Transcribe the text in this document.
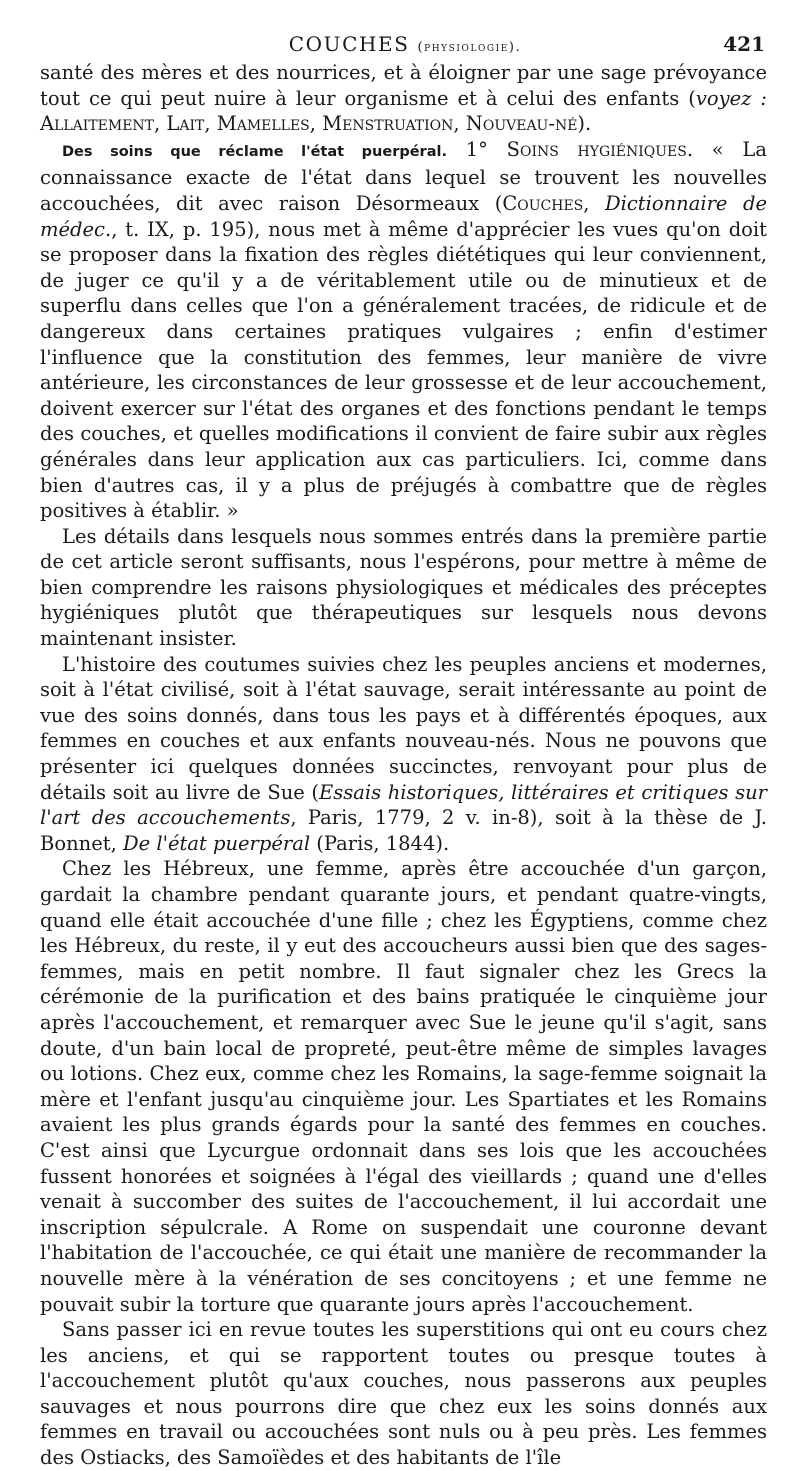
COUCHES (physiologie).	421

santé des mères et des nourrices, et à éloigner par une sage prévoyance tout ce qui peut nuire à leur organisme et à celui des enfants (voyez : Allaitement, Lait, Mamelles, Menstruation, Nouveau-né).

Des soins que réclame l'état puerpéral. 1° Soins hygiéniques. « La connaissance exacte de l'état dans lequel se trouvent les nouvelles accouchées, dit avec raison Désormeaux (Couches, Dictionnaire de médec., t. IX, p. 195), nous met à même d'apprécier les vues qu'on doit se proposer dans la fixation des règles diététiques qui leur conviennent, de juger ce qu'il y a de véritablement utile ou de minutieux et de superflu dans celles que l'on a généralement tracées, de ridicule et de dangereux dans certaines pratiques vulgaires ; enfin d'estimer l'influence que la constitution des femmes, leur manière de vivre antérieure, les circonstances de leur grossesse et de leur accouchement, doivent exercer sur l'état des organes et des fonctions pendant le temps des couches, et quelles modifications il convient de faire subir aux règles générales dans leur application aux cas particuliers. Ici, comme dans bien d'autres cas, il y a plus de préjugés à combattre que de règles positives à établir. »

Les détails dans lesquels nous sommes entrés dans la première partie de cet article seront suffisants, nous l'espérons, pour mettre à même de bien comprendre les raisons physiologiques et médicales des préceptes hygiéniques plutôt que thérapeutiques sur lesquels nous devons maintenant insister.

L'histoire des coutumes suivies chez les peuples anciens et modernes, soit à l'état civilisé, soit à l'état sauvage, serait intéressante au point de vue des soins donnés, dans tous les pays et à différentés époques, aux femmes en couches et aux enfants nouveau-nés. Nous ne pouvons que présenter ici quelques données succinctes, renvoyant pour plus de détails soit au livre de Sue (Essais historiques, littéraires et critiques sur l'art des accouchements, Paris, 1779, 2 v. in-8), soit à la thèse de J. Bonnet, De l'état puerpéral (Paris, 1844).

Chez les Hébreux, une femme, après être accouchée d'un garçon, gardait la chambre pendant quarante jours, et pendant quatre-vingts, quand elle était accouchée d'une fille ; chez les Égyptiens, comme chez les Hébreux, du reste, il y eut des accoucheurs aussi bien que des sages-femmes, mais en petit nombre. Il faut signaler chez les Grecs la cérémonie de la purification et des bains pratiquée le cinquième jour après l'accouchement, et remarquer avec Sue le jeune qu'il s'agit, sans doute, d'un bain local de propreté, peut-être même de simples lavages ou lotions. Chez eux, comme chez les Romains, la sage-femme soignait la mère et l'enfant jusqu'au cinquième jour. Les Spartiates et les Romains avaient les plus grands égards pour la santé des femmes en couches. C'est ainsi que Lycurgue ordonnait dans ses lois que les accouchées fussent honorées et soignées à l'égal des vieillards ; quand une d'elles venait à succomber des suites de l'accouchement, il lui accordait une inscription sépulcrale. A Rome on suspendait une couronne devant l'habitation de l'accouchée, ce qui était une manière de recommander la nouvelle mère à la vénération de ses concitoyens ; et une femme ne pouvait subir la torture que quarante jours après l'accouchement.

Sans passer ici en revue toutes les superstitions qui ont eu cours chez les anciens, et qui se rapportent toutes ou presque toutes à l'accouchement plutôt qu'aux couches, nous passerons aux peuples sauvages et nous pourrons dire que chez eux les soins donnés aux femmes en travail ou accouchées sont nuls ou à peu près. Les femmes des Ostiacks, des Samoïèdes et des habitants de l'île
